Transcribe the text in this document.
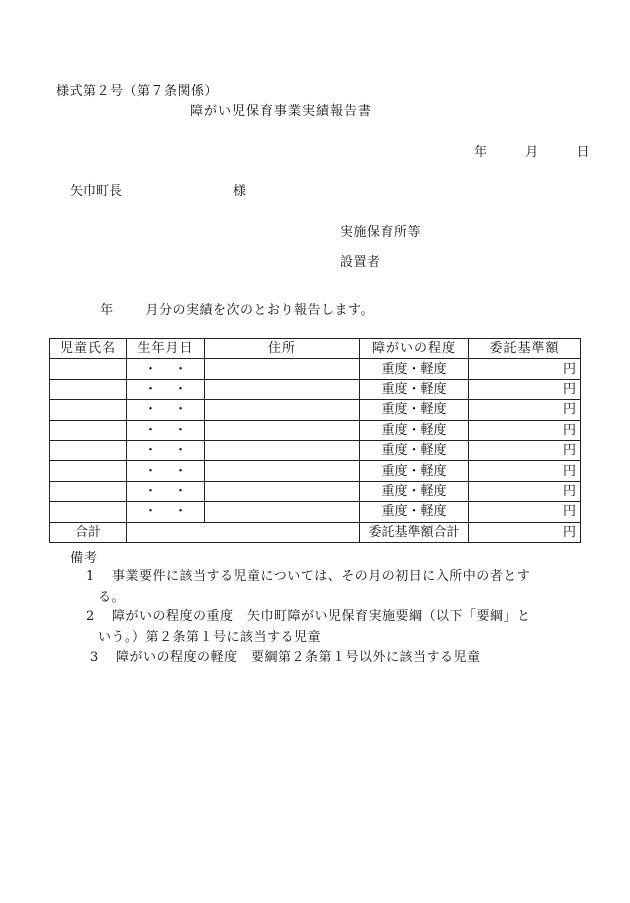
様式第２号（第７条関係）
障がい児保育事業実績報告書
年	月	日
矢巾町長	様
実施保育所等
設置者
年 月分の実績を次のとおり報告します。
児童氏名	生年月日	住所	障がいの程度	委託基準額
	・ ・		重度・軽度	円
	・ ・		重度・軽度	円
	・ ・		重度・軽度	円
	・ ・		重度・軽度	円
	・ ・		重度・軽度	円
	・ ・		重度・軽度	円
	・ ・		重度・軽度	円
	・ ・		重度・軽度	円
合計			委託基準額合計	円
備考
1 事業要件に該当する児童については、その月の初日に入所中の者とす
る。
2 障がいの程度の重度　矢巾町障がい児保育実施要綱（以下「要綱」と
いう。）第２条第１号に該当する児童
3 障がいの程度の軽度　要綱第２条第１号以外に該当する児童
